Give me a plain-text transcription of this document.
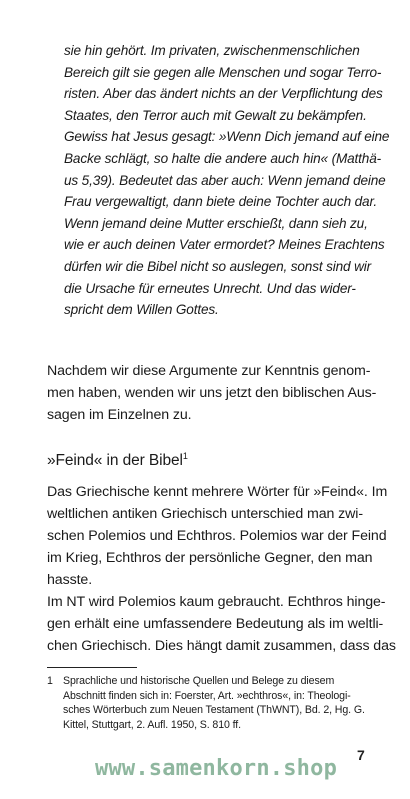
sie hin gehört. Im privaten, zwischenmenschlichen

Bereich gilt sie gegen alle Menschen und sogar Terro-

risten. Aber das ändert nichts an der Verpflichtung des

Staates, den Terror auch mit Gewalt zu bekämpfen.

Gewiss hat Jesus gesagt: »Wenn Dich jemand auf eine

Backe schlägt, so halte die andere auch hin« (Matthä-

us 5,39). Bedeutet das aber auch: Wenn jemand deine

Frau vergewaltigt, dann biete deine Tochter auch dar.

Wenn jemand deine Mutter erschießt, dann sieh zu,

wie er auch deinen Vater ermordet? Meines Erachtens

dürfen wir die Bibel nicht so auslegen, sonst sind wir

die Ursache für erneutes Unrecht. Und das wider-

spricht dem Willen Gottes.

Nachdem wir diese Argumente zur Kenntnis genom-

men haben, wenden wir uns jetzt den biblischen Aus-

sagen im Einzelnen zu.

»Feind« in der Bibel$^1$

Das Griechische kennt mehrere Wörter für »Feind«. Im

weltlichen antiken Griechisch unterschied man zwi-

schen Polemios und Echthros. Polemios war der Feind

im Krieg, Echthros der persönliche Gegner, den man

hasste.

Im NT wird Polemios kaum gebraucht. Echthros hinge-

gen erhält eine umfassendere Bedeutung als im weltli-

chen Griechisch. Dies hängt damit zusammen, dass das

1 Sprachliche und historische Quellen und Belege zu diesem

Abschnitt finden sich in: Foerster, Art. »echthros«, in: Theologi-

sches Wörterbuch zum Neuen Testament (ThWNT), Bd. 2, Hg. G.

Kittel, Stuttgart, 2. Aufl. 1950, S. 810 ff.

7
www.samenkorn.shop
